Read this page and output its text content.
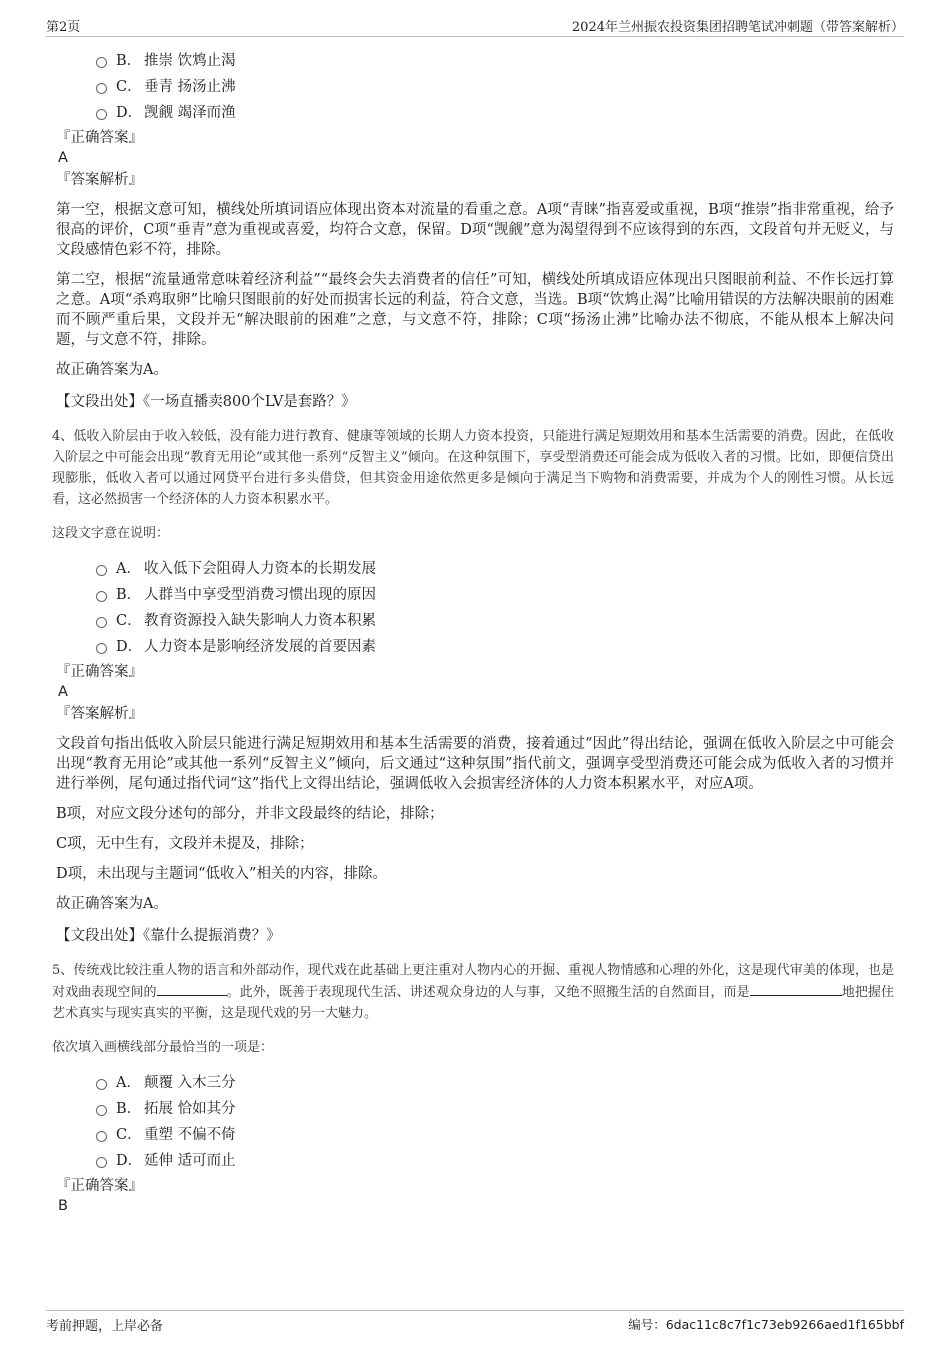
第2页	2024年兰州振农投资集团招聘笔试冲刺题（带答案解析）
B． 推崇 饮鸩止渴
C． 垂青 扬汤止沸
D． 觊觎 竭泽而渔
『正确答案』
A
『答案解析』

第一空，根据文意可知，横线处所填词语应体现出资本对流量的看重之意。A项“青睐”指喜爱或重视，B项“推崇”指非常重视，给予很高的评价，C项“垂青”意为重视或喜爱，均符合文意，保留。D项“觊觎”意为渴望得到不应该得到的东西，文段首句并无贬义，与文段感情色彩不符，排除。

第二空，根据“流量通常意味着经济利益”“最终会失去消费者的信任”可知，横线处所填成语应体现出只图眼前利益、不作长远打算之意。A项“杀鸡取卵”比喻只图眼前的好处而损害长远的利益，符合文意，当选。B项“饮鸩止渴”比喻用错误的方法解决眼前的困难而不顾严重后果，文段并无“解决眼前的困难”之意，与文意不符，排除；C项“扬汤止沸”比喻办法不彻底，不能从根本上解决问题，与文意不符，排除。

故正确答案为A。

【文段出处】《一场直播卖800个LV是套路？》

4、低收入阶层由于收入较低，没有能力进行教育、健康等领域的长期人力资本投资，只能进行满足短期效用和基本生活需要的消费。因此，在低收入阶层之中可能会出现“教育无用论”或其他一系列“反智主义”倾向。在这种氛围下，享受型消费还可能会成为低收入者的习惯。比如，即便信贷出现膨胀，低收入者可以通过网贷平台进行多头借贷，但其资金用途依然更多是倾向于满足当下购物和消费需要，并成为个人的刚性习惯。从长远看，这必然损害一个经济体的人力资本积累水平。

这段文字意在说明：

A． 收入低下会阻碍人力资本的长期发展
B． 人群当中享受型消费习惯出现的原因
C． 教育资源投入缺失影响人力资本积累
D． 人力资本是影响经济发展的首要因素
『正确答案』
A
『答案解析』

文段首句指出低收入阶层只能进行满足短期效用和基本生活需要的消费，接着通过“因此”得出结论，强调在低收入阶层之中可能会出现“教育无用论”或其他一系列“反智主义”倾向，后文通过“这种氛围”指代前文，强调享受型消费还可能会成为低收入者的习惯并进行举例，尾句通过指代词“这”指代上文得出结论，强调低收入会损害经济体的人力资本积累水平，对应A项。

B项，对应文段分述句的部分，并非文段最终的结论，排除；

C项，无中生有，文段并未提及，排除；

D项，未出现与主题词“低收入”相关的内容，排除。

故正确答案为A。

【文段出处】《靠什么提振消费？》

5、传统戏比较注重人物的语言和外部动作，现代戏在此基础上更注重对人物内心的开掘、重视人物情感和心理的外化，这是现代审美的体现，也是对戏曲表现空间的	。此外，既善于表现现代生活、讲述观众身边的人与事，又绝不照搬生活的自然面目，而是	地把握住艺术真实与现实真实的平衡，这是现代戏的另一大魅力。

依次填入画横线部分最恰当的一项是：

A． 颠覆 入木三分
B． 拓展 恰如其分
C． 重塑 不偏不倚
D． 延伸 适可而止
『正确答案』
B
考前押题，上岸必备	编号：6dac11c8c7f1c73eb9266aed1f165bbf
